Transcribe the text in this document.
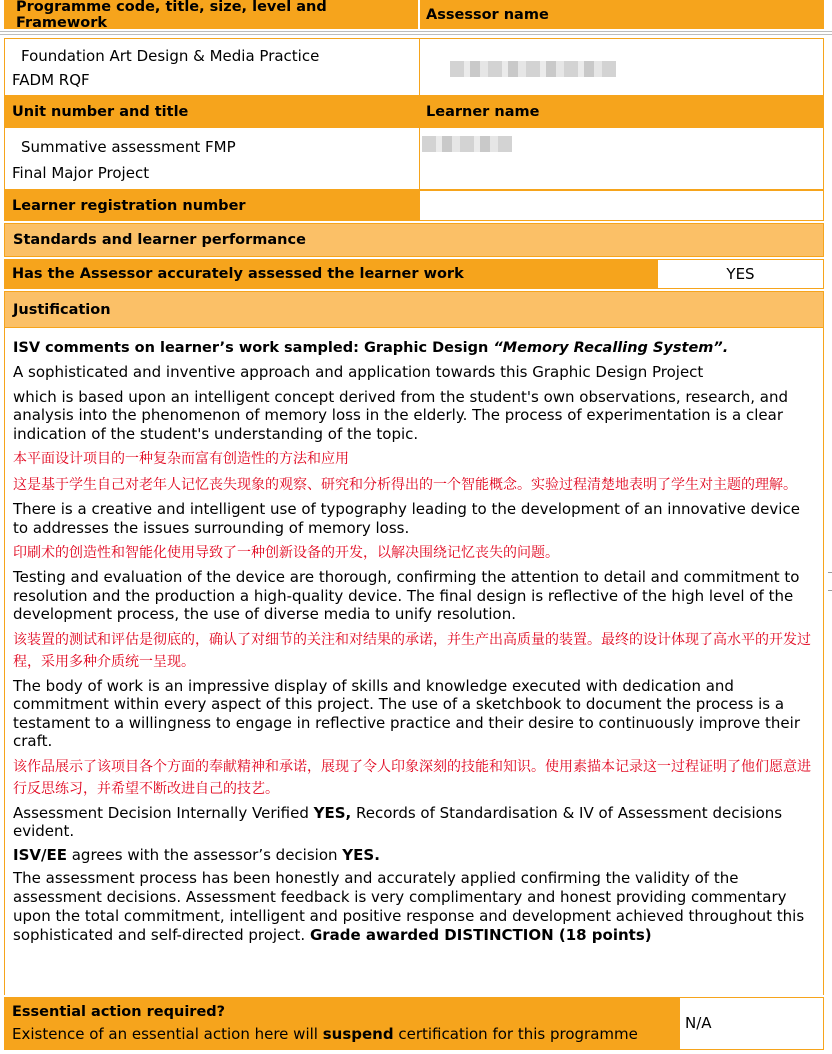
Programme code, title, size, level and Framework	Assessor name
Foundation Art Design & Media Practice
FADM RQF
Unit number and title	Learner name
Summative assessment FMP
Final Major Project
Learner registration number
Standards and learner performance
Has the Assessor accurately assessed the learner work	YES
Justification
ISV comments on learner’s work sampled: Graphic Design “Memory Recalling System”.
A sophisticated and inventive approach and application towards this Graphic Design Project
which is based upon an intelligent concept derived from the student's own observations, research, and analysis into the phenomenon of memory loss in the elderly. The process of experimentation is a clear indication of the student's understanding of the topic.
本平面设计项目的一种复杂而富有创造性的方法和应用
这是基于学生自己对老年人记忆丧失现象的观察、研究和分析得出的一个智能概念。实验过程清楚地表明了学生对主题的理解。
There is a creative and intelligent use of typography leading to the development of an innovative device to addresses the issues surrounding of memory loss.
印刷术的创造性和智能化使用导致了一种创新设备的开发，以解决围绕记忆丧失的问题。
Testing and evaluation of the device are thorough, confirming the attention to detail and commitment to resolution and the production a high-quality device. The final design is reflective of the high level of the development process, the use of diverse media to unify resolution.
该装置的测试和评估是彻底的，确认了对细节的关注和对结果的承诺，并生产出高质量的装置。最终的设计体现了高水平的开发过程，采用多种介质统一呈现。
The body of work is an impressive display of skills and knowledge executed with dedication and commitment within every aspect of this project. The use of a sketchbook to document the process is a testament to a willingness to engage in reflective practice and their desire to continuously improve their craft.
该作品展示了该项目各个方面的奉献精神和承诺，展现了令人印象深刻的技能和知识。使用素描本记录这一过程证明了他们愿意进行反思练习，并希望不断改进自己的技艺。
Assessment Decision Internally Verified YES, Records of Standardisation & IV of Assessment decisions evident.
ISV/EE agrees with the assessor’s decision YES.
The assessment process has been honestly and accurately applied confirming the validity of the assessment decisions. Assessment feedback is very complimentary and honest providing commentary upon the total commitment, intelligent and positive response and development achieved throughout this sophisticated and self-directed project. Grade awarded DISTINCTION (18 points)
Essential action required?
Existence of an essential action here will suspend certification for this programme
N/A
